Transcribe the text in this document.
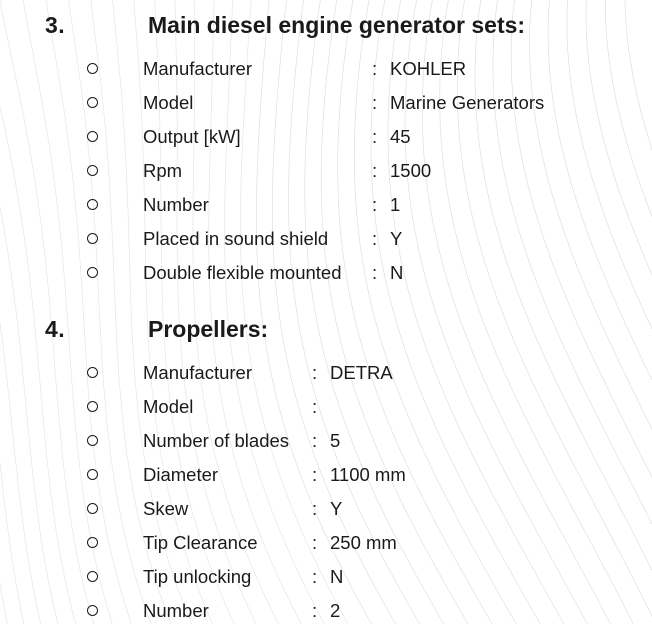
3.	Main diesel engine generator sets:
Manufacturer	: KOHLER
Model	: Marine Generators
Output [kW]	: 45
Rpm	: 1500
Number	: 1
Placed in sound shield : Y
Double flexible mounted : N
4.	Propellers:
Manufacturer	: DETRA
Model	:
Number of blades : 5
Diameter	: 1100 mm
Skew	: Y
Tip Clearance	: 250 mm
Tip unlocking	: N
Number	: 2
